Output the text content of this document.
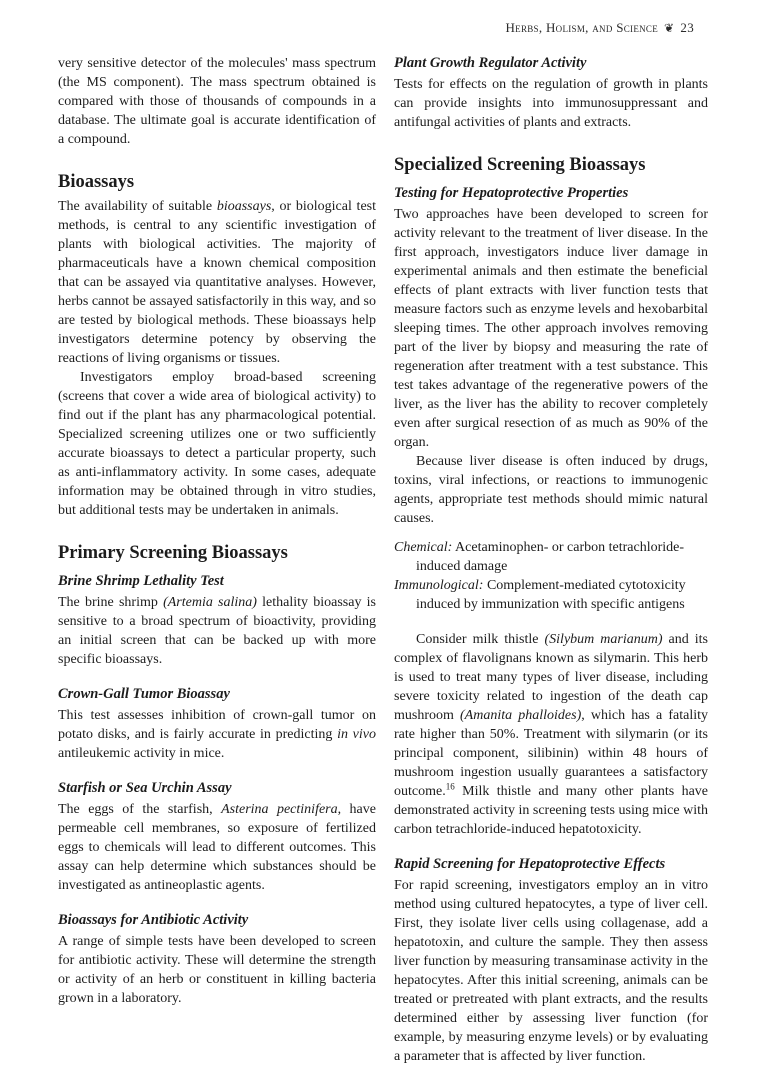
Herbs, Holism, and Science ❦ 23

very sensitive detector of the molecules' mass spectrum (the MS component). The mass spectrum obtained is compared with those of thousands of compounds in a database. The ultimate goal is accurate identification of a compound.

Bioassays

The availability of suitable bioassays, or biological test methods, is central to any scientific investigation of plants with biological activities. The majority of pharmaceuticals have a known chemical composition that can be assayed via quantitative analyses. However, herbs cannot be assayed satisfactorily in this way, and so are tested by biological methods. These bioassays help investigators determine potency by observing the reactions of living organisms or tissues.

Investigators employ broad-based screening (screens that cover a wide area of biological activity) to find out if the plant has any pharmacological potential. Specialized screening utilizes one or two sufficiently accurate bioassays to detect a particular property, such as anti-inflammatory activity. In some cases, adequate information may be obtained through in vitro studies, but additional tests may be undertaken in animals.

Primary Screening Bioassays
Brine Shrimp Lethality Test

The brine shrimp (Artemia salina) lethality bioassay is sensitive to a broad spectrum of bioactivity, providing an initial screen that can be backed up with more specific bioassays.

Crown-Gall Tumor Bioassay

This test assesses inhibition of crown-gall tumor on potato disks, and is fairly accurate in predicting in vivo antileukemic activity in mice.

Starfish or Sea Urchin Assay

The eggs of the starfish, Asterina pectinifera, have permeable cell membranes, so exposure of fertilized eggs to chemicals will lead to different outcomes. This assay can help determine which substances should be investigated as antineoplastic agents.

Bioassays for Antibiotic Activity

A range of simple tests have been developed to screen for antibiotic activity. These will determine the strength or activity of an herb or constituent in killing bacteria grown in a laboratory.

Plant Growth Regulator Activity

Tests for effects on the regulation of growth in plants can provide insights into immunosuppressant and antifungal activities of plants and extracts.

Specialized Screening Bioassays
Testing for Hepatoprotective Properties

Two approaches have been developed to screen for activity relevant to the treatment of liver disease. In the first approach, investigators induce liver damage in experimental animals and then estimate the beneficial effects of plant extracts with liver function tests that measure factors such as enzyme levels and hexobarbital sleeping times. The other approach involves removing part of the liver by biopsy and measuring the rate of regeneration after treatment with a test substance. This test takes advantage of the regenerative powers of the liver, as the liver has the ability to recover completely even after surgical resection of as much as 90% of the organ.

Because liver disease is often induced by drugs, toxins, viral infections, or reactions to immunogenic agents, appropriate test methods should mimic natural causes.

Chemical: Acetaminophen- or carbon tetrachloride-induced damage
Immunological: Complement-mediated cytotoxicity induced by immunization with specific antigens

Consider milk thistle (Silybum marianum) and its complex of flavolignans known as silymarin. This herb is used to treat many types of liver disease, including severe toxicity related to ingestion of the death cap mushroom (Amanita phalloides), which has a fatality rate higher than 50%. Treatment with silymarin (or its principal component, silibinin) within 48 hours of mushroom ingestion usually guarantees a satisfactory outcome.$^{16}$ Milk thistle and many other plants have demonstrated activity in screening tests using mice with carbon tetrachloride-induced hepatotoxicity.

Rapid Screening for Hepatoprotective Effects

For rapid screening, investigators employ an in vitro method using cultured hepatocytes, a type of liver cell. First, they isolate liver cells using collagenase, add a hepatotoxin, and culture the sample. They then assess liver function by measuring transaminase activity in the hepatocytes. After this initial screening, animals can be treated or pretreated with plant extracts, and the results determined either by assessing liver function (for example, by measuring enzyme levels) or by evaluating a parameter that is affected by liver function.
